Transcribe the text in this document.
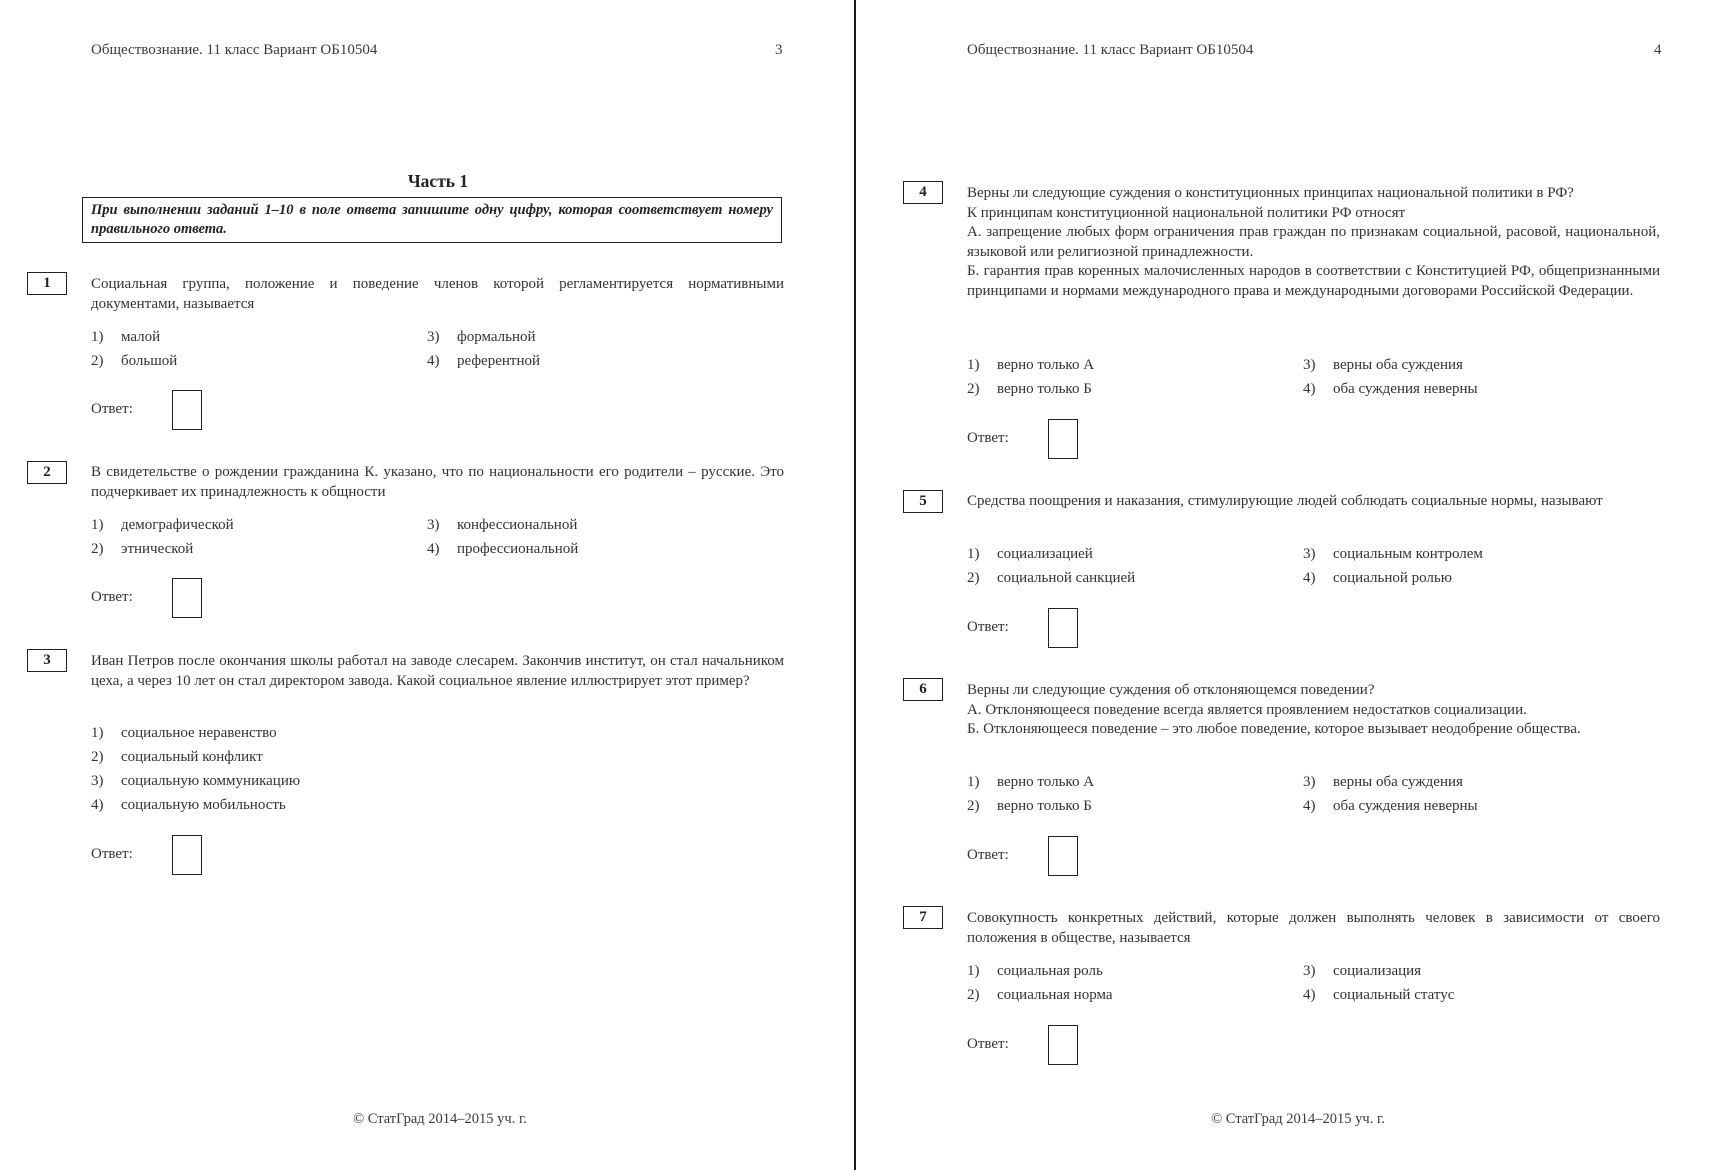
Обществознание. 11 класс Вариант ОБ10504	3
Часть 1
При выполнении заданий 1–10 в поле ответа запишите одну цифру, которая соответствует номеру правильного ответа.
1	Социальная группа, положение и поведение членов которой регламентируется нормативными документами, называется
1) малой
2) большой
3) формальной
4) референтной
Ответ:
2	В свидетельстве о рождении гражданина К. указано, что по национальности его родители – русские. Это подчеркивает их принадлежность к общности
1) демографической
2) этнической
3) конфессиональной
4) профессиональной
Ответ:
3	Иван Петров после окончания школы работал на заводе слесарем. Закончив институт, он стал начальником цеха, а через 10 лет он стал директором завода. Какой социальное явление иллюстрирует этот пример?
1) социальное неравенство
2) социальный конфликт
3) социальную коммуникацию
4) социальную мобильность
Ответ:
© СтатГрад 2014–2015 уч. г.
Обществознание. 11 класс Вариант ОБ10504	4
4	Верны ли следующие суждения о конституционных принципах национальной политики в РФ?

К принципам конституционной национальной политики РФ относят

А. запрещение любых форм ограничения прав граждан по признакам социальной, расовой, национальной, языковой или религиозной принадлежности.

Б. гарантия прав коренных малочисленных народов в соответствии с Конституцией РФ, общепризнанными принципами и нормами международного права и международными договорами Российской Федерации.

1) верно только А
2) верно только Б
3) верны оба суждения
4) оба суждения неверны
Ответ:
5	Средства поощрения и наказания, стимулирующие людей соблюдать социальные нормы, называют
1) социализацией
2) социальной санкцией
3) социальным контролем
4) социальной ролью
Ответ:
6	Верны ли следующие суждения об отклоняющемся поведении?

А. Отклоняющееся поведение всегда является проявлением недостатков социализации.

Б. Отклоняющееся поведение – это любое поведение, которое вызывает неодобрение общества.

1) верно только А
2) верно только Б
3) верны оба суждения
4) оба суждения неверны
Ответ:
7	Совокупность конкретных действий, которые должен выполнять человек в зависимости от своего положения в обществе, называется
1) социальная роль
2) социальная норма
3) социализация
4) социальный статус
Ответ:
© СтатГрад 2014–2015 уч. г.
